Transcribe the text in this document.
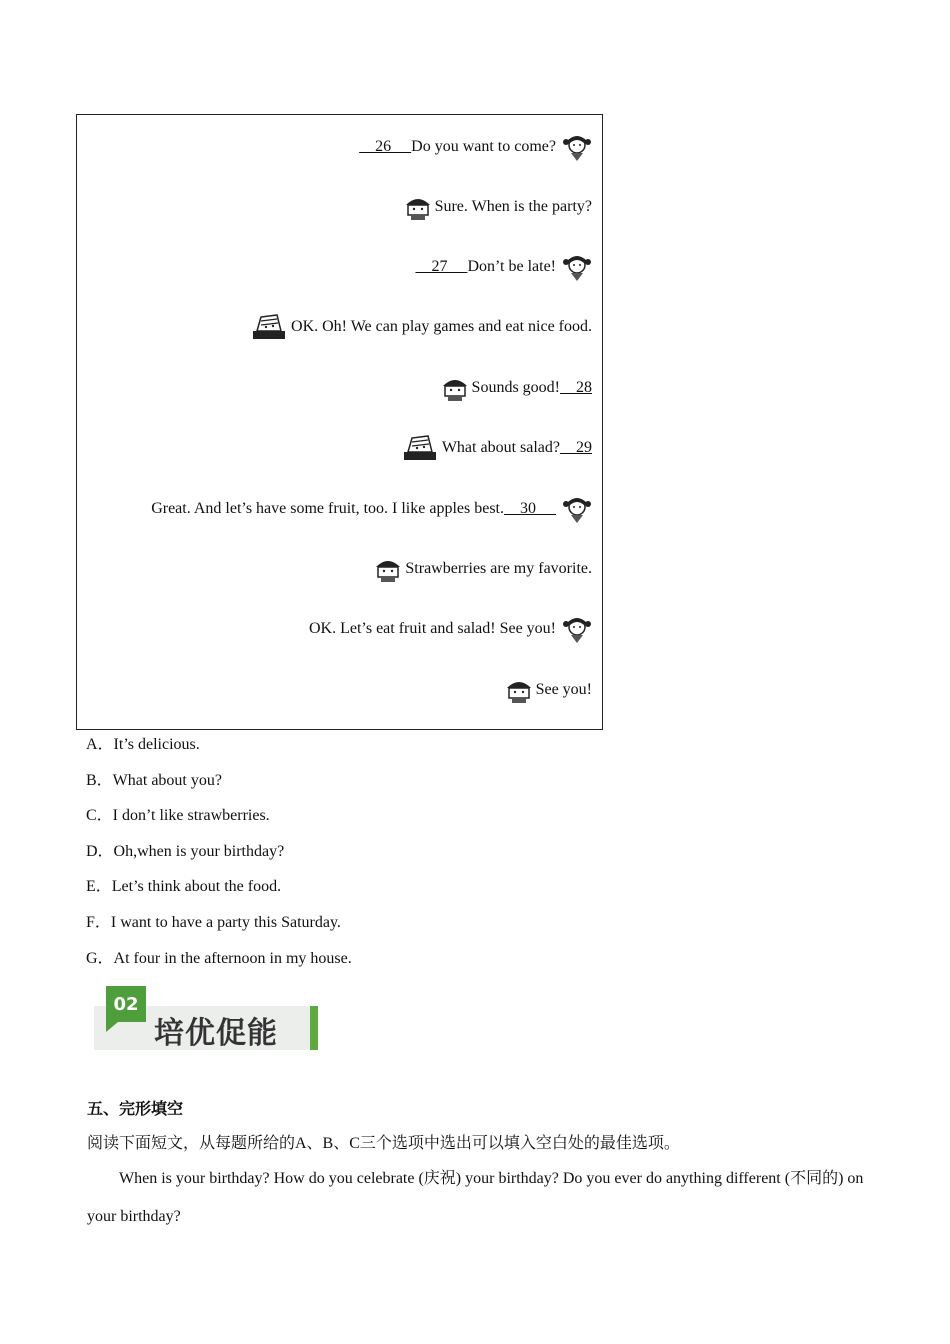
26 Do you want to come?
Sure. When is the party?
27 Don’t be late!
OK. Oh! We can play games and eat nice food.
Sounds good! 28
What about salad? 29
Great. And let’s have some fruit, too. I like apples best. 30
Strawberries are my favorite.
OK. Let’s eat fruit and salad! See you!
See you!
A．It’s delicious.
B．What about you?
C．I don’t like strawberries.
D．Oh,when is your birthday?
E．Let’s think about the food.
F．I want to have a party this Saturday.
G．At four in the afternoon in my house.
02
培优促能
五、完形填空
阅读下面短文，从每题所给的A、B、C三个选项中选出可以填入空白处的最佳选项。
When is your birthday? How do you celebrate (庆祝) your birthday? Do you ever do anything different (不同的) on your birthday?
